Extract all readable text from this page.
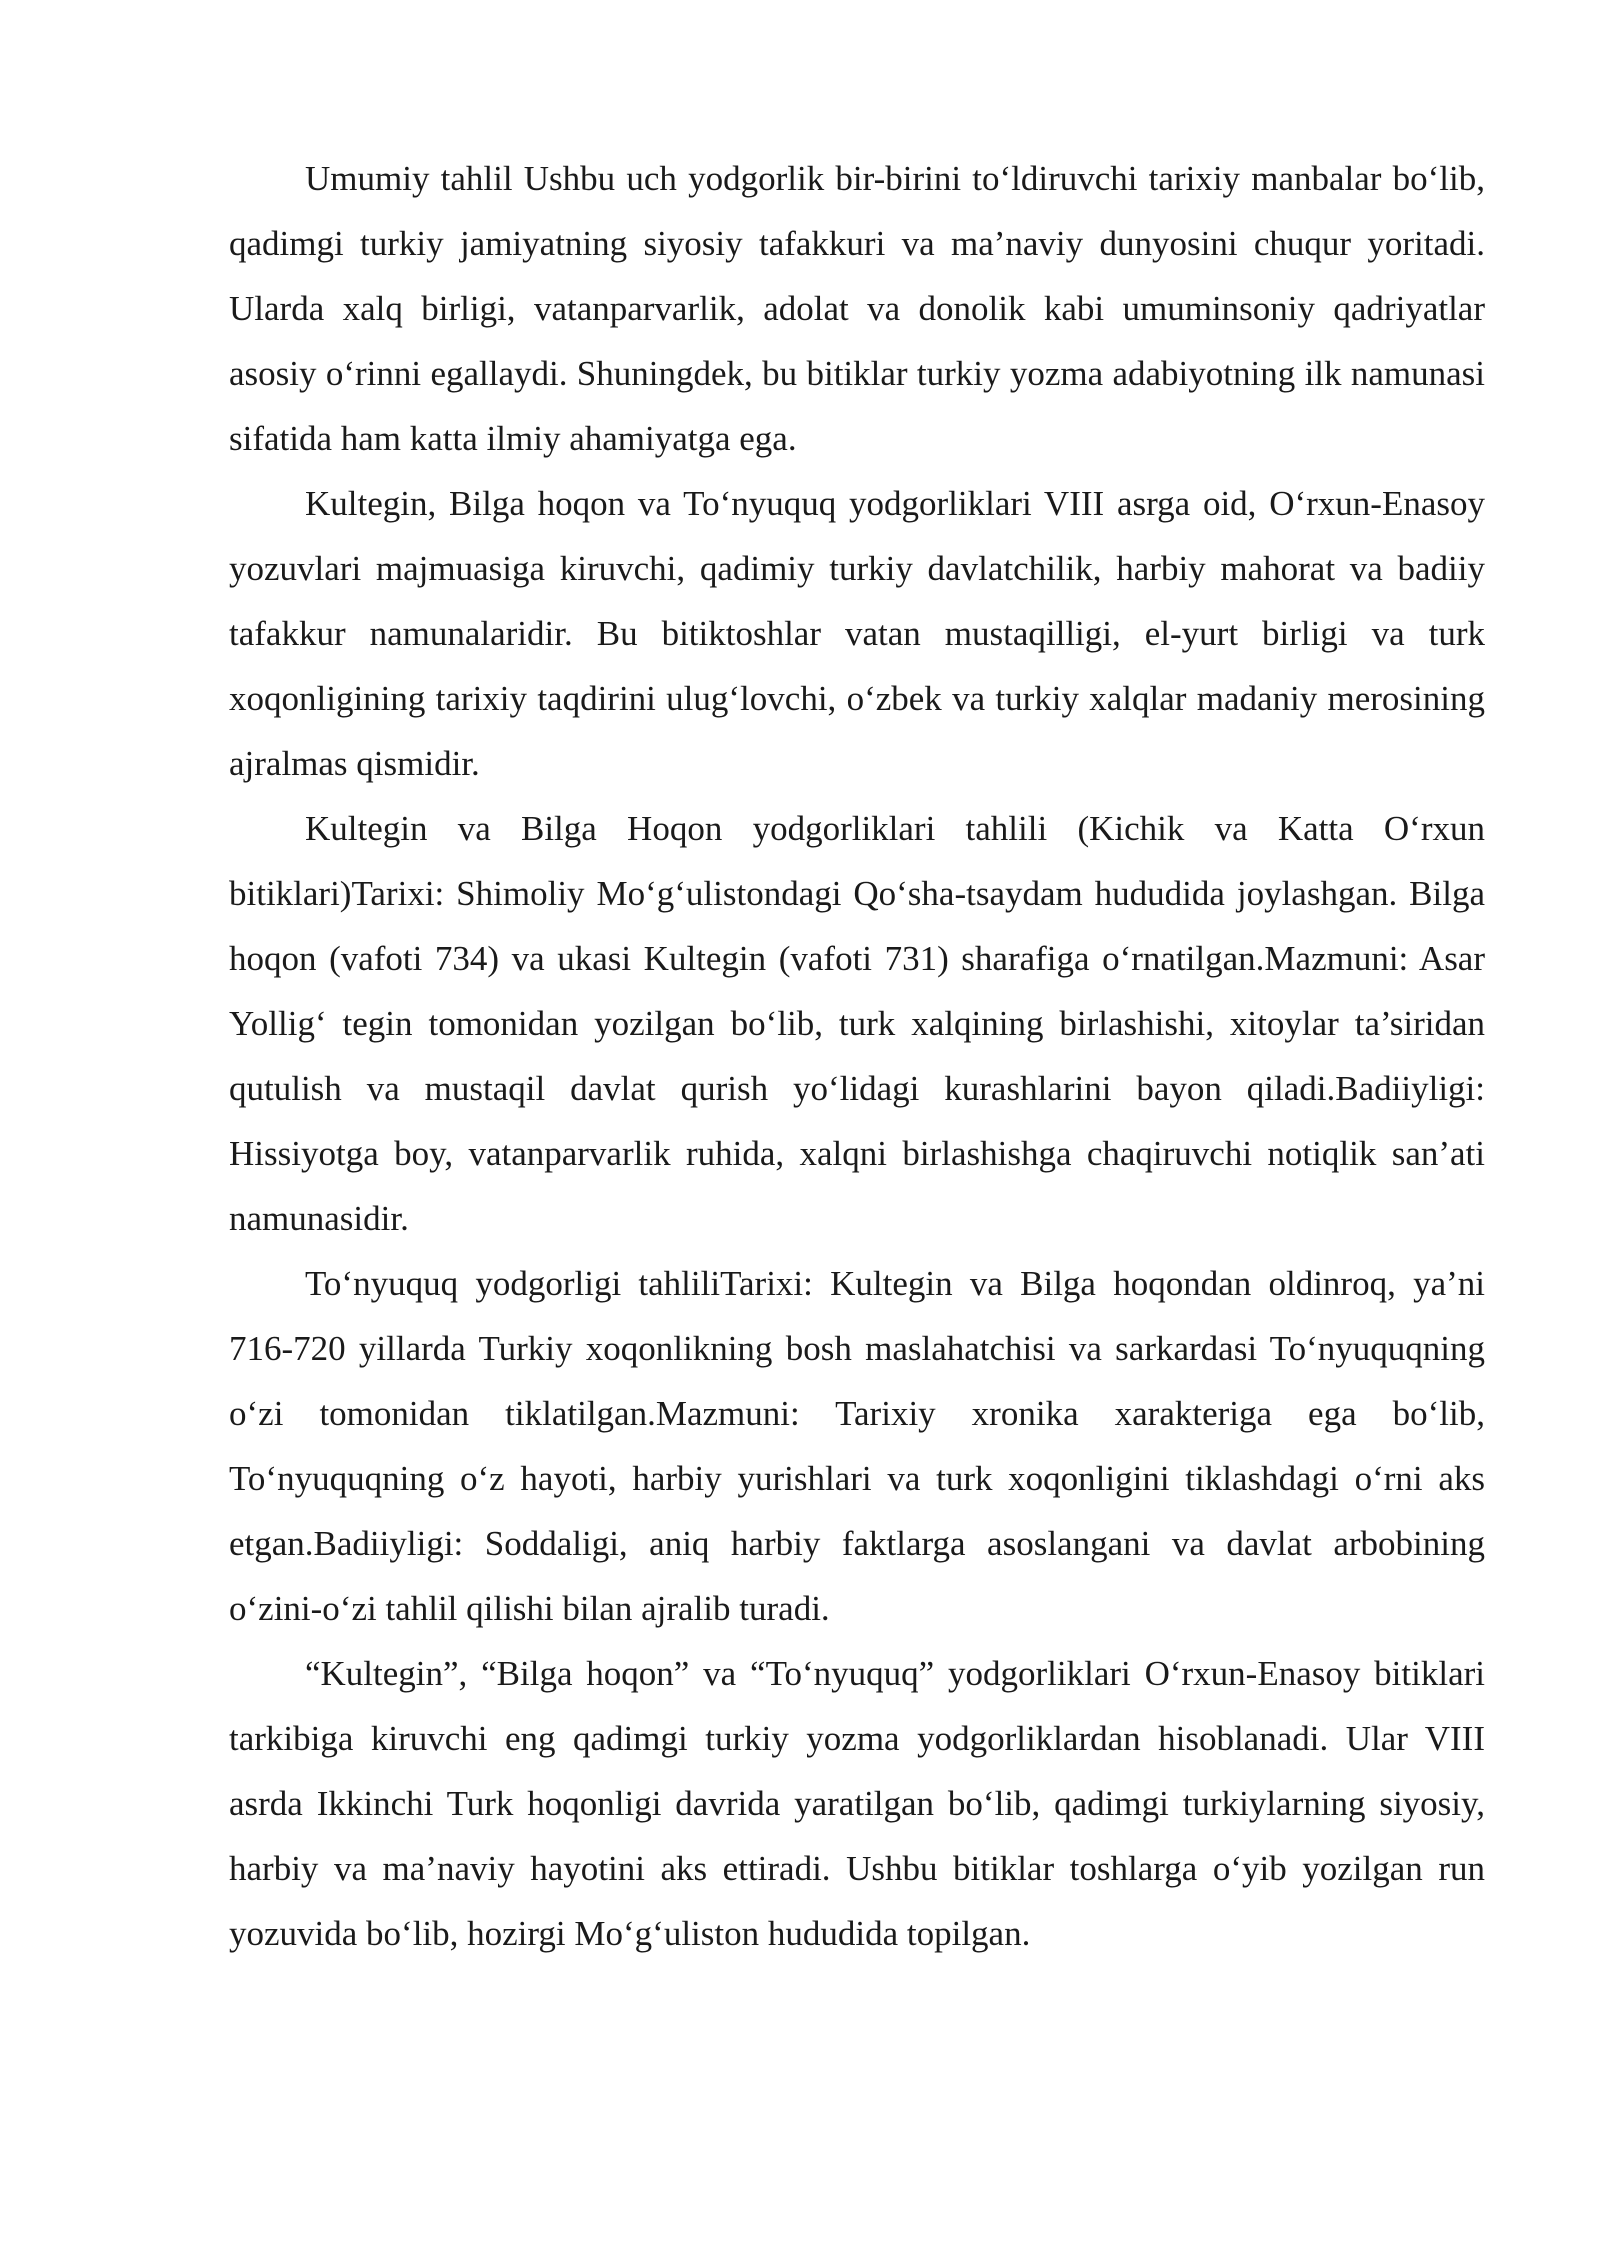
Umumiy tahlil Ushbu uch yodgorlik bir-birini to‘ldiruvchi tarixiy manbalar bo‘lib, qadimgi turkiy jamiyatning siyosiy tafakkuri va ma’naviy dunyosini chuqur yoritadi. Ularda xalq birligi, vatanparvarlik, adolat va donolik kabi umuminsoniy qadriyatlar asosiy o‘rinni egallaydi. Shuningdek, bu bitiklar turkiy yozma adabiyotning ilk namunasi sifatida ham katta ilmiy ahamiyatga ega.

Kultegin, Bilga hoqon va To‘nyuquq yodgorliklari VIII asrga oid, O‘rxun-Enasoy yozuvlari majmuasiga kiruvchi, qadimiy turkiy davlatchilik, harbiy mahorat va badiiy tafakkur namunalaridir. Bu bitiktoshlar vatan mustaqilligi, el-yurt birligi va turk xoqonligining tarixiy taqdirini ulug‘lovchi, o‘zbek va turkiy xalqlar madaniy merosining ajralmas qismidir.

Kultegin va Bilga Hoqon yodgorliklari tahlili (Kichik va Katta O‘rxun bitiklari)Tarixi: Shimoliy Mo‘g‘ulistondagi Qo‘sha-tsaydam hududida joylashgan. Bilga hoqon (vafoti 734) va ukasi Kultegin (vafoti 731) sharafiga o‘rnatilgan.Mazmuni: Asar Yollig‘ tegin tomonidan yozilgan bo‘lib, turk xalqining birlashishi, xitoylar ta’siridan qutulish va mustaqil davlat qurish yo‘lidagi kurashlarini bayon qiladi.Badiiyligi: Hissiyotga boy, vatanparvarlik ruhida, xalqni birlashishga chaqiruvchi notiqlik san’ati namunasidir.

To‘nyuquq yodgorligi tahliliTarixi: Kultegin va Bilga hoqondan oldinroq, ya’ni 716-720 yillarda Turkiy xoqonlikning bosh maslahatchisi va sarkardasi To‘nyuquqning o‘zi tomonidan tiklatilgan.Mazmuni: Tarixiy xronika xarakteriga ega bo‘lib, To‘nyuquqning o‘z hayoti, harbiy yurishlari va turk xoqonligini tiklashdagi o‘rni aks etgan.Badiiyligi: Soddaligi, aniq harbiy faktlarga asoslangani va davlat arbobining o‘zini-o‘zi tahlil qilishi bilan ajralib turadi.

“Kultegin”, “Bilga hoqon” va “To‘nyuquq” yodgorliklari O‘rxun-Enasoy bitiklari tarkibiga kiruvchi eng qadimgi turkiy yozma yodgorliklardan hisoblanadi. Ular VIII asrda Ikkinchi Turk hoqonligi davrida yaratilgan bo‘lib, qadimgi turkiylarning siyosiy, harbiy va ma’naviy hayotini aks ettiradi. Ushbu bitiklar toshlarga o‘yib yozilgan run yozuvida bo‘lib, hozirgi Mo‘g‘uliston hududida topilgan.
